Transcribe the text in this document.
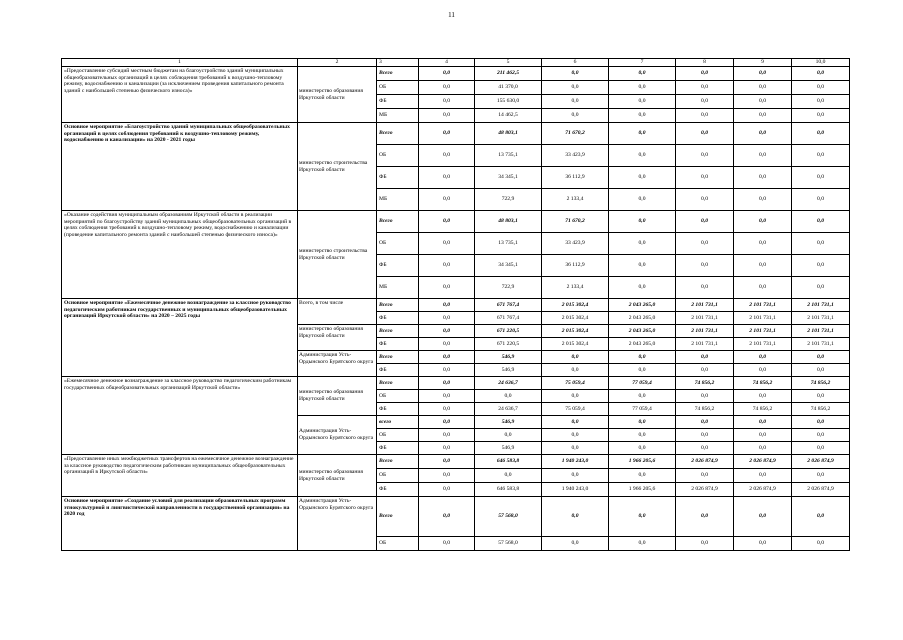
11
1	2	3	4	5	6	7	8	9	10,0
«Предоставление субсидий местным бюджетам на благоустройство зданий муниципальных общеобразовательных организаций в целях соблюдения требований к воздушно-тепловому режиму, водоснабжению и канализации (за исключением проведения капитального ремонта зданий с наибольшей степенью физического износа)»	министерство образования Иркутской области	Всего	0,0	211 462,5	0,0	0,0	0,0	0,0	0,0
		ОБ	0,0	41 370,0	0,0	0,0	0,0	0,0	0,0
		ФБ	0,0	155 630,0	0,0	0,0	0,0	0,0	0,0
		МБ	0,0	14 462,5	0,0	0,0	0,0	0,0	0,0
Основное мероприятие «Благоустройство зданий муниципальных общеобразовательных организаций в целях соблюдения требований к воздушно-тепловому режиму, водоснабжению и канализации» на 2020 - 2021 годы	министерство строительства Иркутской области	Всего	0,0	48 803,1	71 670,2	0,0	0,0	0,0	0,0
		ОБ	0,0	13 735,1	33 423,9	0,0	0,0	0,0	0,0
		ФБ	0,0	34 345,1	36 112,9	0,0	0,0	0,0	0,0
		МБ	0,0	722,9	2 133,4	0,0	0,0	0,0	0,0
«Оказание содействия муниципальным образованиям Иркутской области в реализации мероприятий по благоустройству зданий муниципальных общеобразовательных организаций в целях соблюдения требований к воздушно-тепловому режиму, водоснабжению и канализации (проведение капитального ремонта зданий с наибольшей степенью физического износа)»	министерство строительства Иркутской области	Всего	0,0	48 803,1	71 670,2	0,0	0,0	0,0	0,0
		ОБ	0,0	13 735,1	33 423,9	0,0	0,0	0,0	0,0
		ФБ	0,0	34 345,1	36 112,9	0,0	0,0	0,0	0,0
		МБ	0,0	722,9	2 133,4	0,0	0,0	0,0	0,0
Основное мероприятие «Ежемесячное денежное вознаграждение за классное руководство педагогическим работникам государственных и муниципальных общеобразовательных организаций Иркутской области» на 2020 – 2025 годы	Всего, в том числе	Всего	0,0	671 767,4	2 015 302,4	2 043 265,0	2 101 731,1	2 101 731,1	2 101 731,1
		ФБ	0,0	671 767,4	2 015 302,4	2 043 265,0	2 101 731,1	2 101 731,1	2 101 731,1
	министерство образования Иркутской области	Всего	0,0	671 220,5	2 015 302,4	2 043 265,0	2 101 731,1	2 101 731,1	2 101 731,1
		ФБ	0,0	671 220,5	2 015 302,4	2 043 265,0	2 101 731,1	2 101 731,1	2 101 731,1
	Администрация Усть-Ордынского Бурятского округа	Всего	0,0	546,9	0,0	0,0	0,0	0,0	0,0
		ФБ	0,0	546,9	0,0	0,0	0,0	0,0	0,0
«Ежемесячное денежное вознаграждение за классное руководство педагогическим работникам государственных общеобразовательных организаций Иркутской области»	министерство образования Иркутской области	Всего	0,0	24 636,7	75 059,4	77 059,4	74 856,2	74 856,2	74 856,2
		ОБ	0,0	0,0	0,0	0,0	0,0	0,0	0,0
		ФБ	0,0	24 636,7	75 059,4	77 059,4	74 856,2	74 856,2	74 856,2
	Администрация Усть-Ордынского Бурятского округа	всего	0,0	546,9	0,0	0,0	0,0	0,0	0,0
		ОБ	0,0	0,0	0,0	0,0	0,0	0,0	0,0
		ФБ	0,0	546,9	0,0	0,0	0,0	0,0	0,0
«Предоставление иных межбюджетных трансфертов на ежемесячное денежное вознаграждение за классное руководство педагогическим работникам муниципальных общеобразовательных организаций в Иркутской области»	министерство образования Иркутской области	Всего	0,0	646 583,8	1 940 243,0	1 966 205,6	2 026 874,9	2 026 874,9	2 026 874,9
		ОБ	0,0	0,0	0,0	0,0	0,0	0,0	0,0
		ФБ	0,0	646 583,8	1 940 243,0	1 966 205,6	2 026 874,9	2 026 874,9	2 026 874,9
Основное мероприятие «Создание условий для реализации образовательных программ этнокультурной и лингвистической направленности в государственной организации» на 2020 год	Администрация Усть-Ордынского Бурятского округа	Всего	0,0	57 568,0	0,0	0,0	0,0	0,0	0,0
		ОБ	0,0	57 568,0	0,0	0,0	0,0	0,0	0,0
